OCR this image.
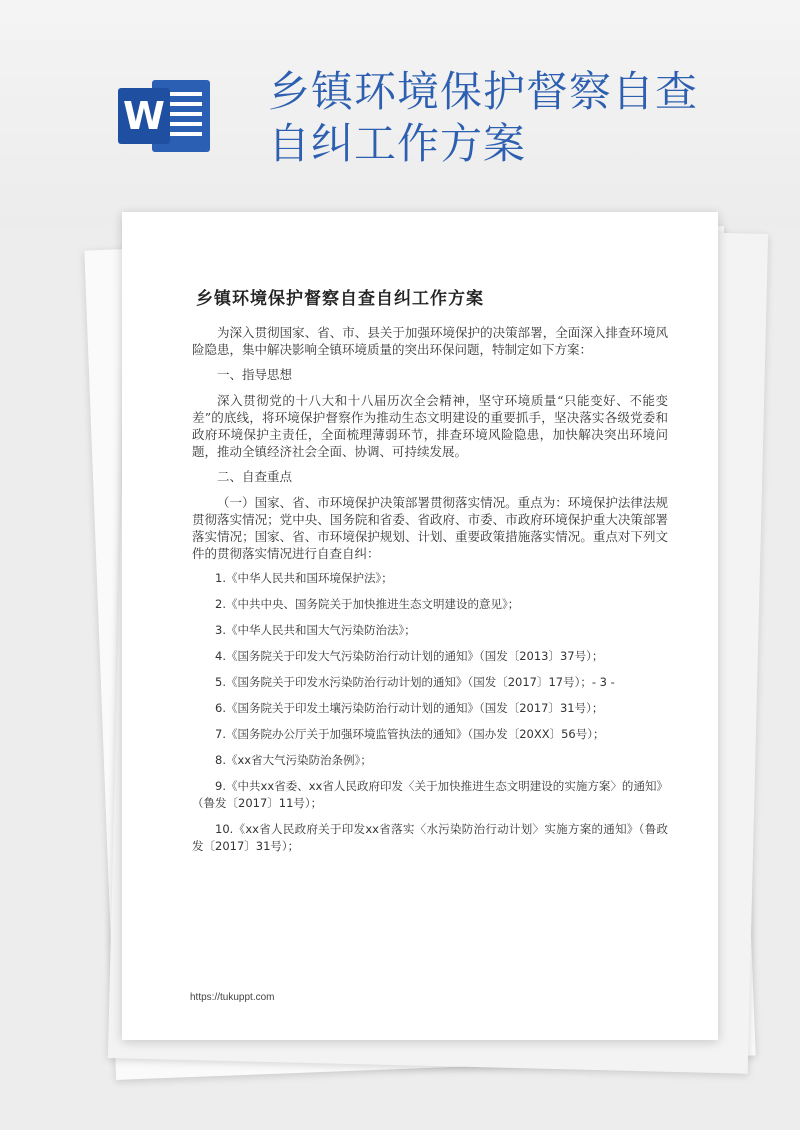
W 乡镇环境保护督察自查
自纠工作方案
乡镇环境保护督察自查自纠工作方案

为深入贯彻国家、省、市、县关于加强环境保护的决策部署，全面深入排查环境风险隐患，集中解决影响全镇环境质量的突出环保问题，特制定如下方案：

一、指导思想

深入贯彻党的十八大和十八届历次全会精神，坚守环境质量“只能变好、不能变差”的底线，将环境保护督察作为推动生态文明建设的重要抓手，坚决落实各级党委和政府环境保护主责任，全面梳理薄弱环节，排查环境风险隐患，加快解决突出环境问题，推动全镇经济社会全面、协调、可持续发展。

二、自查重点

（一）国家、省、市环境保护决策部署贯彻落实情况。重点为：环境保护法律法规贯彻落实情况；党中央、国务院和省委、省政府、市委、市政府环境保护重大决策部署落实情况；国家、省、市环境保护规划、计划、重要政策措施落实情况。重点对下列文件的贯彻落实情况进行自查自纠：

1.《中华人民共和国环境保护法》；

2.《中共中央、国务院关于加快推进生态文明建设的意见》；

3.《中华人民共和国大气污染防治法》；

4.《国务院关于印发大气污染防治行动计划的通知》（国发〔2013〕37号）；

5.《国务院关于印发水污染防治行动计划的通知》（国发〔2017〕17号）；- 3 -

6.《国务院关于印发土壤污染防治行动计划的通知》（国发〔2017〕31号）；

7.《国务院办公厅关于加强环境监管执法的通知》（国办发〔20XX〕56号）；

8.《xx省大气污染防治条例》；

9.《中共xx省委、xx省人民政府印发〈关于加快推进生态文明建设的实施方案〉的通知》（鲁发〔2017〕11号）；

10.《xx省人民政府关于印发xx省落实〈水污染防治行动计划〉实施方案的通知》（鲁政发〔2017〕31号）；

https://tukuppt.com
